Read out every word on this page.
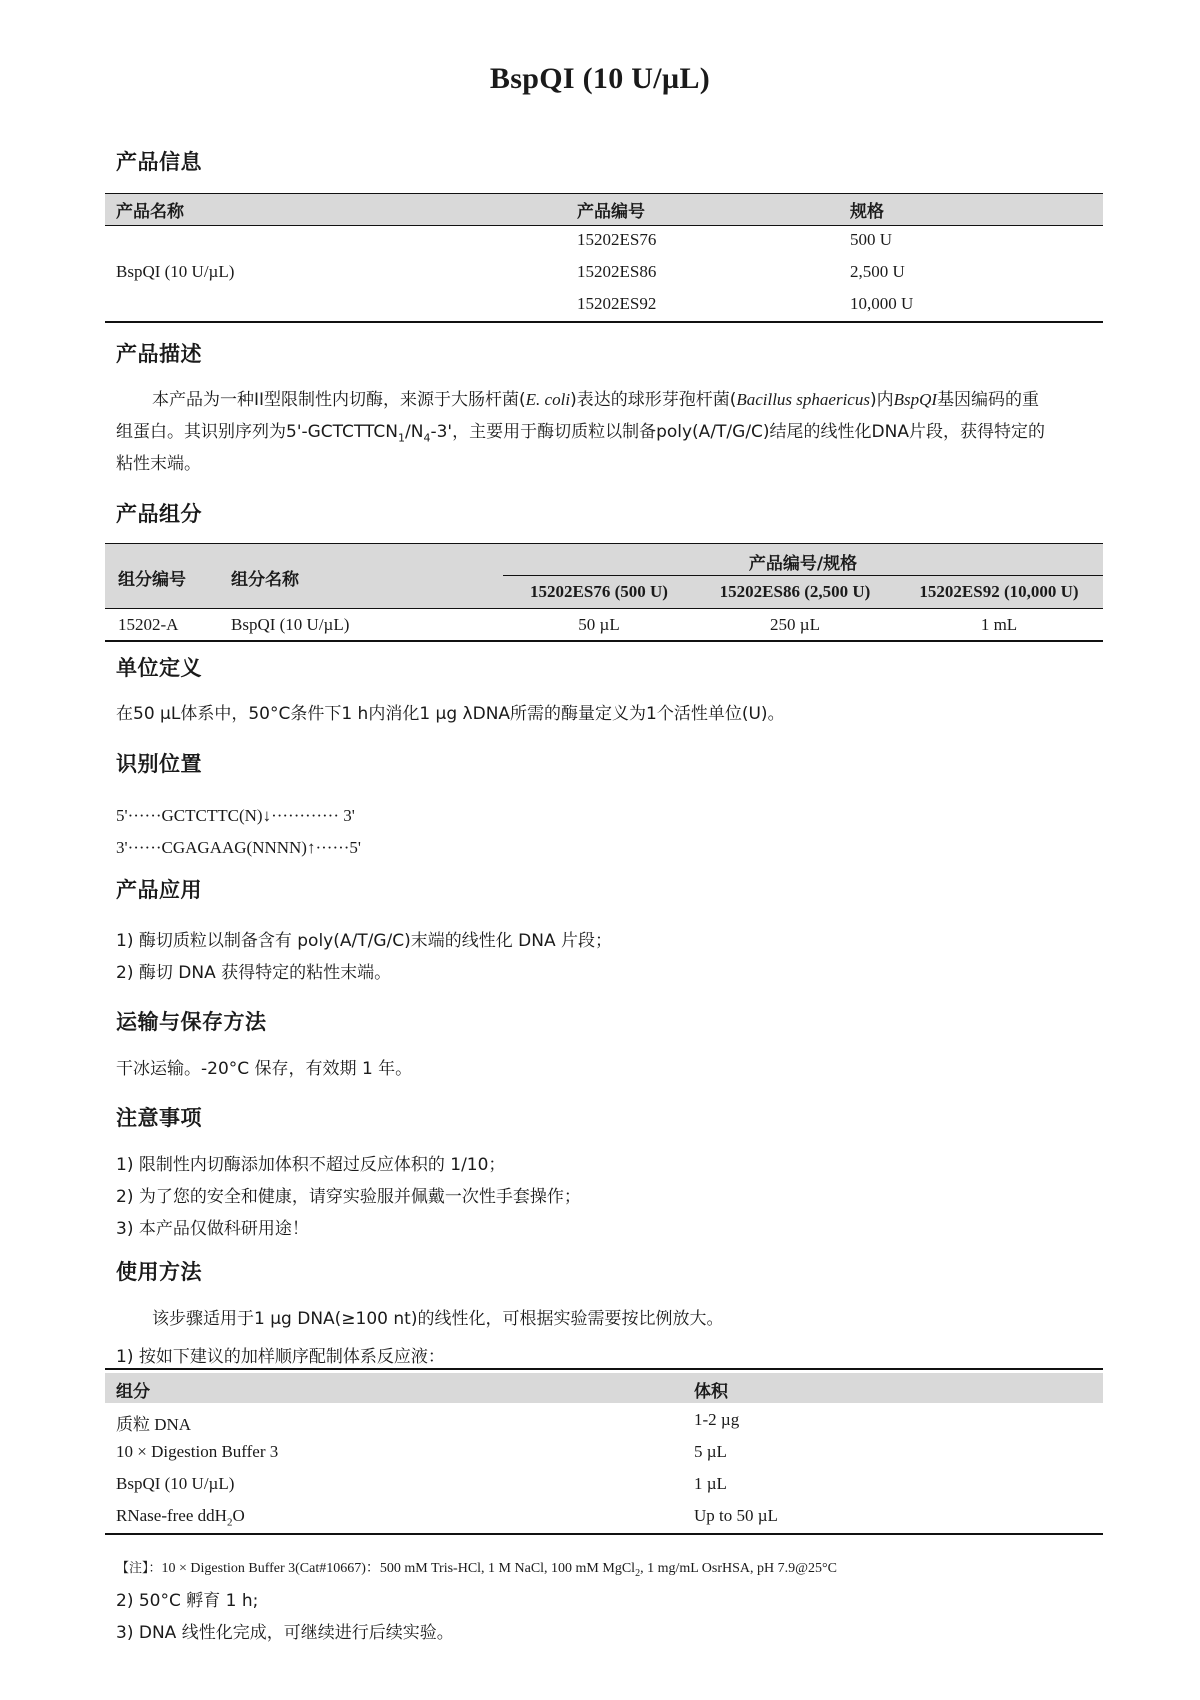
BspQI (10 U/µL)
产品信息
产品名称	产品编号	规格
BspQI (10 U/µL)
15202ES76	500 U
15202ES86	2,500 U
15202ES92	10,000 U
产品描述
本产品为一种II型限制性内切酶，来源于大肠杆菌(E. coli)表达的球形芽孢杆菌(Bacillus sphaericus)内BspQI基因编码的重
组蛋白。其识别序列为$5'-GCTCTTCN_1/N_4-3'$，主要用于酶切质粒以制备poly(A/T/G/C)结尾的线性化DNA片段，获得特定的
粘性末端。
产品组分
组分编号	组分名称
产品编号/规格
15202ES76 (500 U)	15202ES86 (2,500 U)	15202ES92 (10,000 U)
15202-A	BspQI (10 U/µL)	50 µL	250 µL	1 mL
单位定义
在50 µL体系中，50°C条件下1 h内消化1 µg λDNA所需的酶量定义为1个活性单位(U)。
识别位置
5'······GCTCTTC(N)↓············ 3'
3'······CGAGAAG(NNNN)↑······5'
产品应用
1) 酶切质粒以制备含有 poly(A/T/G/C)末端的线性化 DNA 片段；
2) 酶切 DNA 获得特定的粘性末端。
运输与保存方法
干冰运输。-20°C 保存，有效期 1 年。
注意事项
1) 限制性内切酶添加体积不超过反应体积的 1/10；
2) 为了您的安全和健康，请穿实验服并佩戴一次性手套操作；
3) 本产品仅做科研用途！
使用方法
该步骤适用于1 µg DNA(≥100 nt)的线性化，可根据实验需要按比例放大。
1) 按如下建议的加样顺序配制体系反应液：
组分	体积
质粒 DNA	1-2 µg
10 × Digestion Buffer 3	5 µL
BspQI (10 U/µL)	1 µL
RNase-free ddH$_2$O	Up to 50 µL
【注】：10 × Digestion Buffer 3(Cat#10667)：500 mM Tris-HCl, 1 M NaCl, 100 mM MgCl$_2$, 1 mg/mL OsrHSA, pH 7.9@25°C
2) 50°C 孵育 1 h;
3) DNA 线性化完成，可继续进行后续实验。
